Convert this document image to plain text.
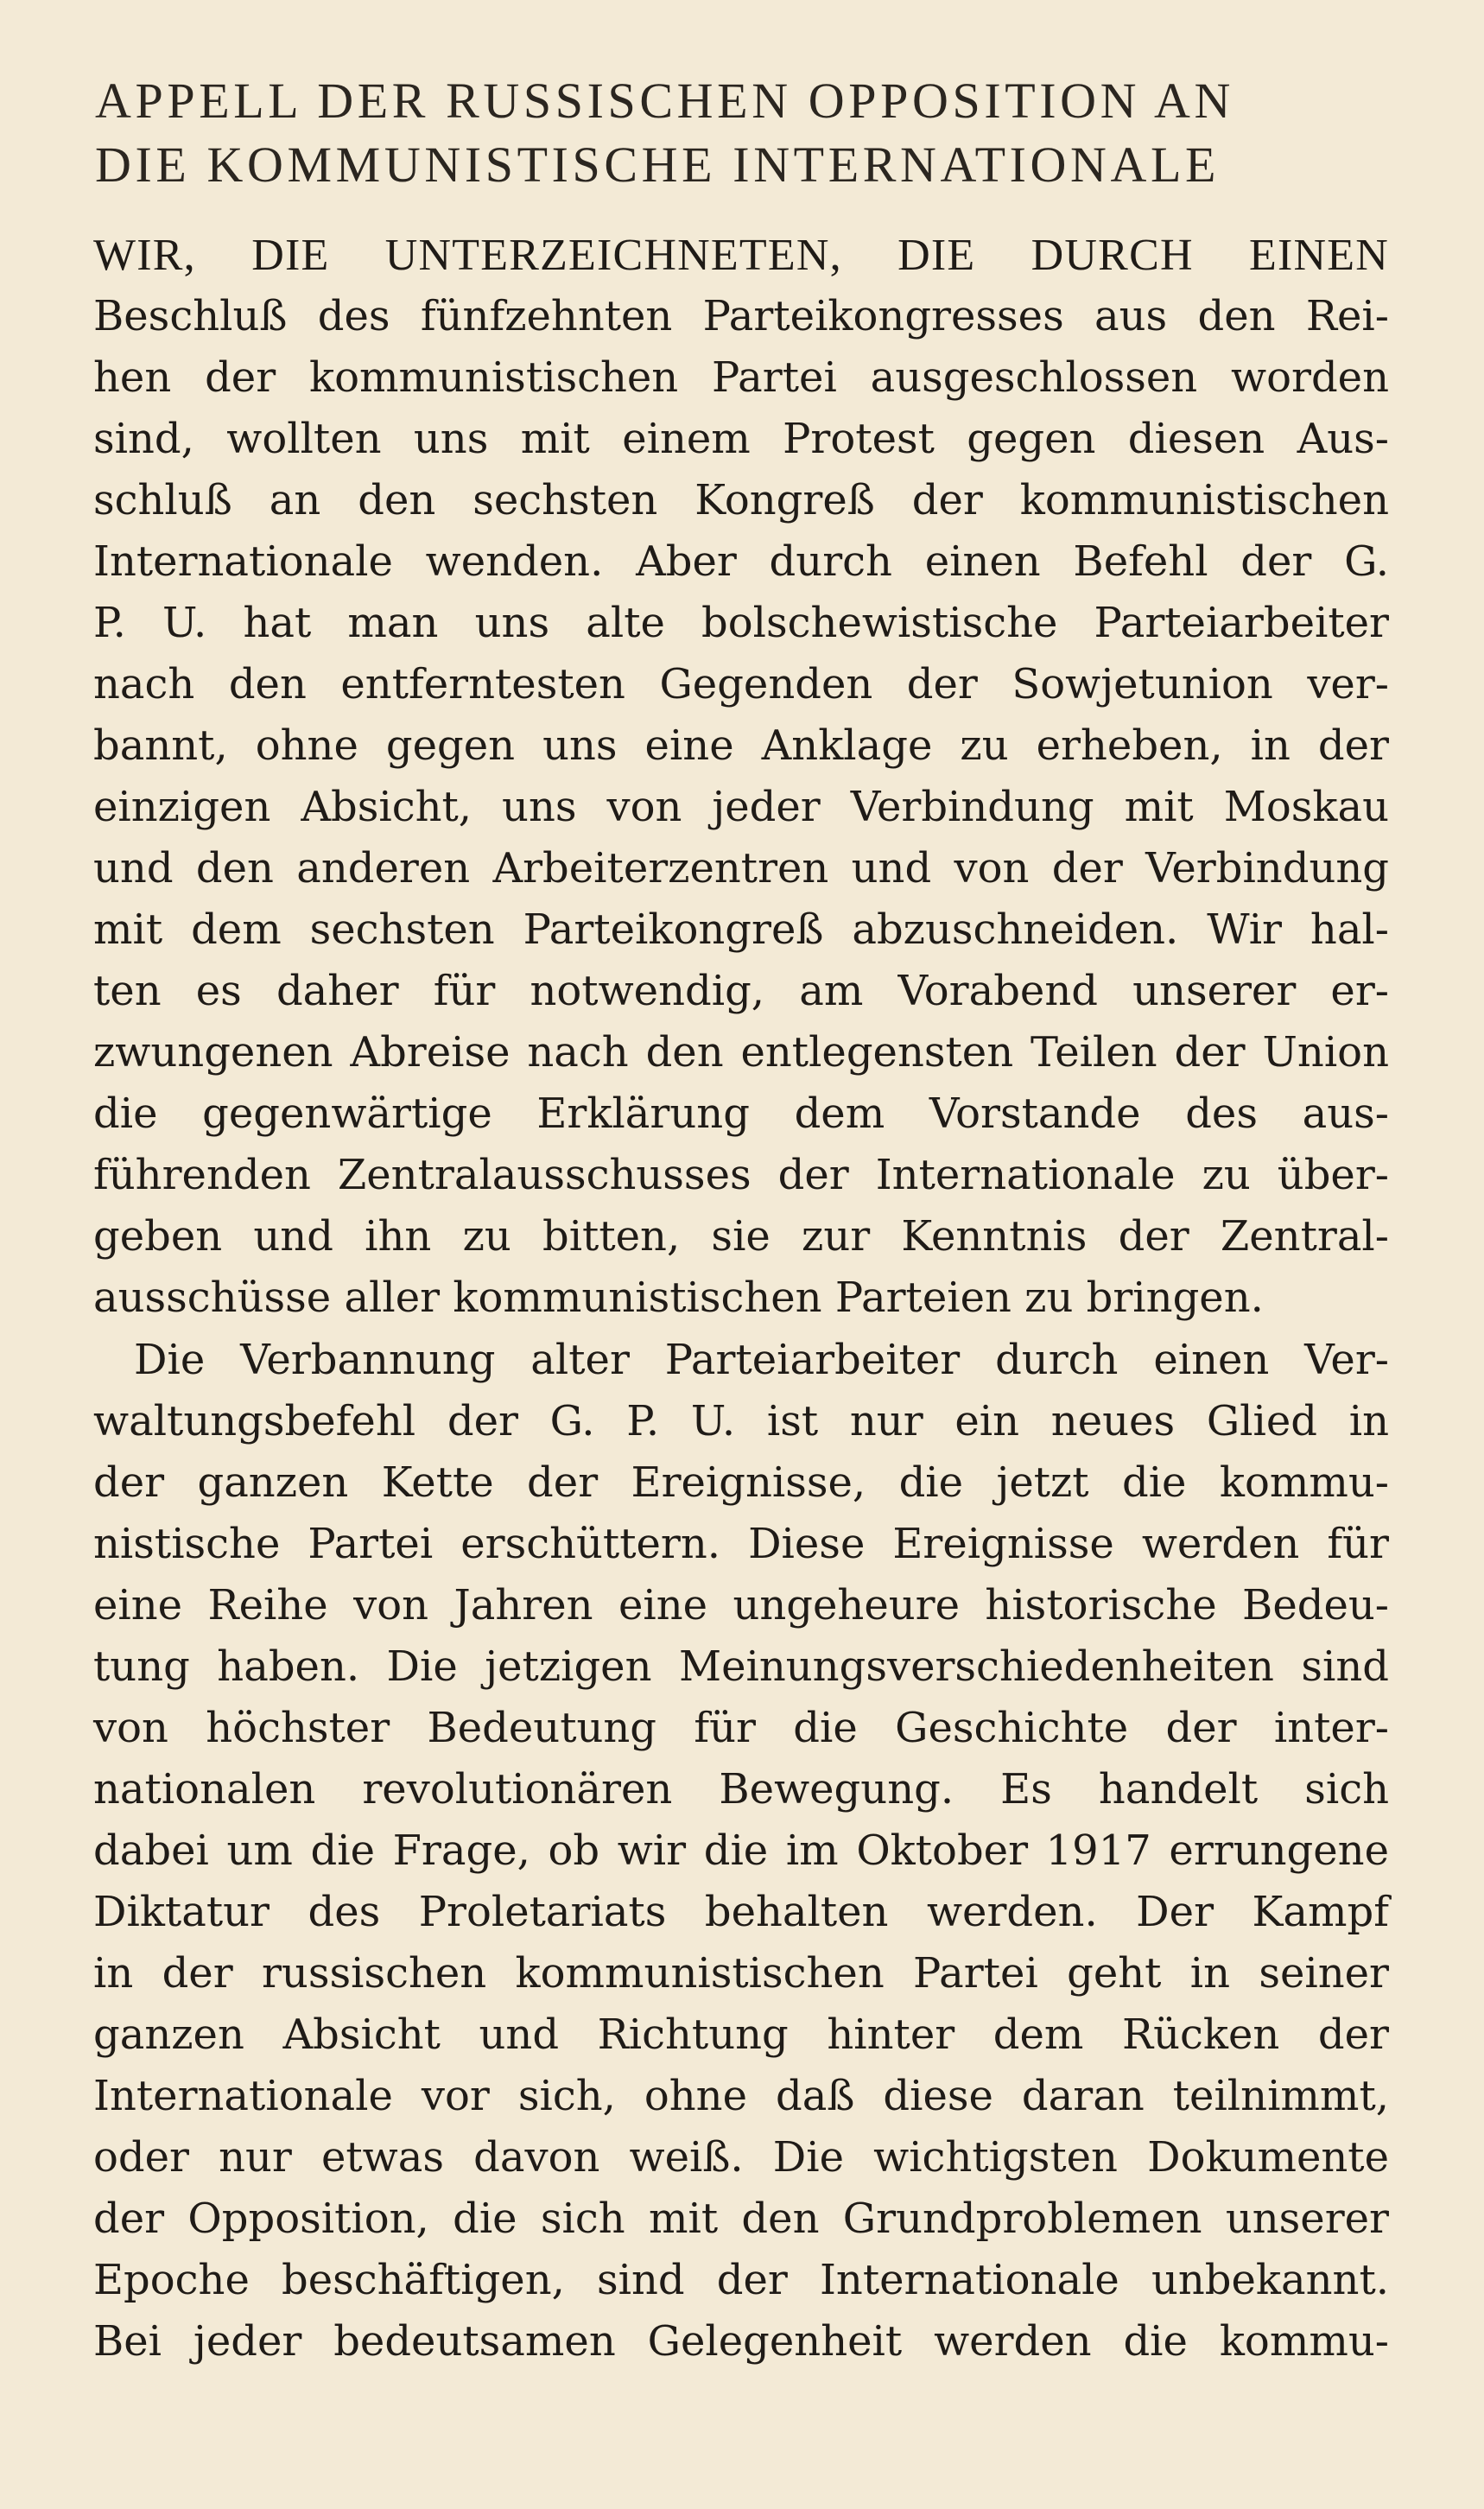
APPELL DER RUSSISCHEN OPPOSITION AN
DIE KOMMUNISTISCHE INTERNATIONALE
WIR, DIE UNTERZEICHNETEN, DIE DURCH EINEN
Beschluß des fünfzehnten Parteikongresses aus den Rei-
hen der kommunistischen Partei ausgeschlossen worden
sind, wollten uns mit einem Protest gegen diesen Aus-
schluß an den sechsten Kongreß der kommunistischen
Internationale wenden. Aber durch einen Befehl der G.
P. U. hat man uns alte bolschewistische Parteiarbeiter
nach den entferntesten Gegenden der Sowjetunion ver-
bannt, ohne gegen uns eine Anklage zu erheben, in der
einzigen Absicht, uns von jeder Verbindung mit Moskau
und den anderen Arbeiterzentren und von der Verbindung
mit dem sechsten Parteikongreß abzuschneiden. Wir hal-
ten es daher für notwendig, am Vorabend unserer er-
zwungenen Abreise nach den entlegensten Teilen der Union
die gegenwärtige Erklärung dem Vorstande des aus-
führenden Zentralausschusses der Internationale zu über-
geben und ihn zu bitten, sie zur Kenntnis der Zentral-
ausschüsse aller kommunistischen Parteien zu bringen.
Die Verbannung alter Parteiarbeiter durch einen Ver-
waltungsbefehl der G. P. U. ist nur ein neues Glied in
der ganzen Kette der Ereignisse, die jetzt die kommu-
nistische Partei erschüttern. Diese Ereignisse werden für
eine Reihe von Jahren eine ungeheure historische Bedeu-
tung haben. Die jetzigen Meinungsverschiedenheiten sind
von höchster Bedeutung für die Geschichte der inter-
nationalen revolutionären Bewegung. Es handelt sich
dabei um die Frage, ob wir die im Oktober 1917 errungene
Diktatur des Proletariats behalten werden. Der Kampf
in der russischen kommunistischen Partei geht in seiner
ganzen Absicht und Richtung hinter dem Rücken der
Internationale vor sich, ohne daß diese daran teilnimmt,
oder nur etwas davon weiß. Die wichtigsten Dokumente
der Opposition, die sich mit den Grundproblemen unserer
Epoche beschäftigen, sind der Internationale unbekannt.
Bei jeder bedeutsamen Gelegenheit werden die kommu-
